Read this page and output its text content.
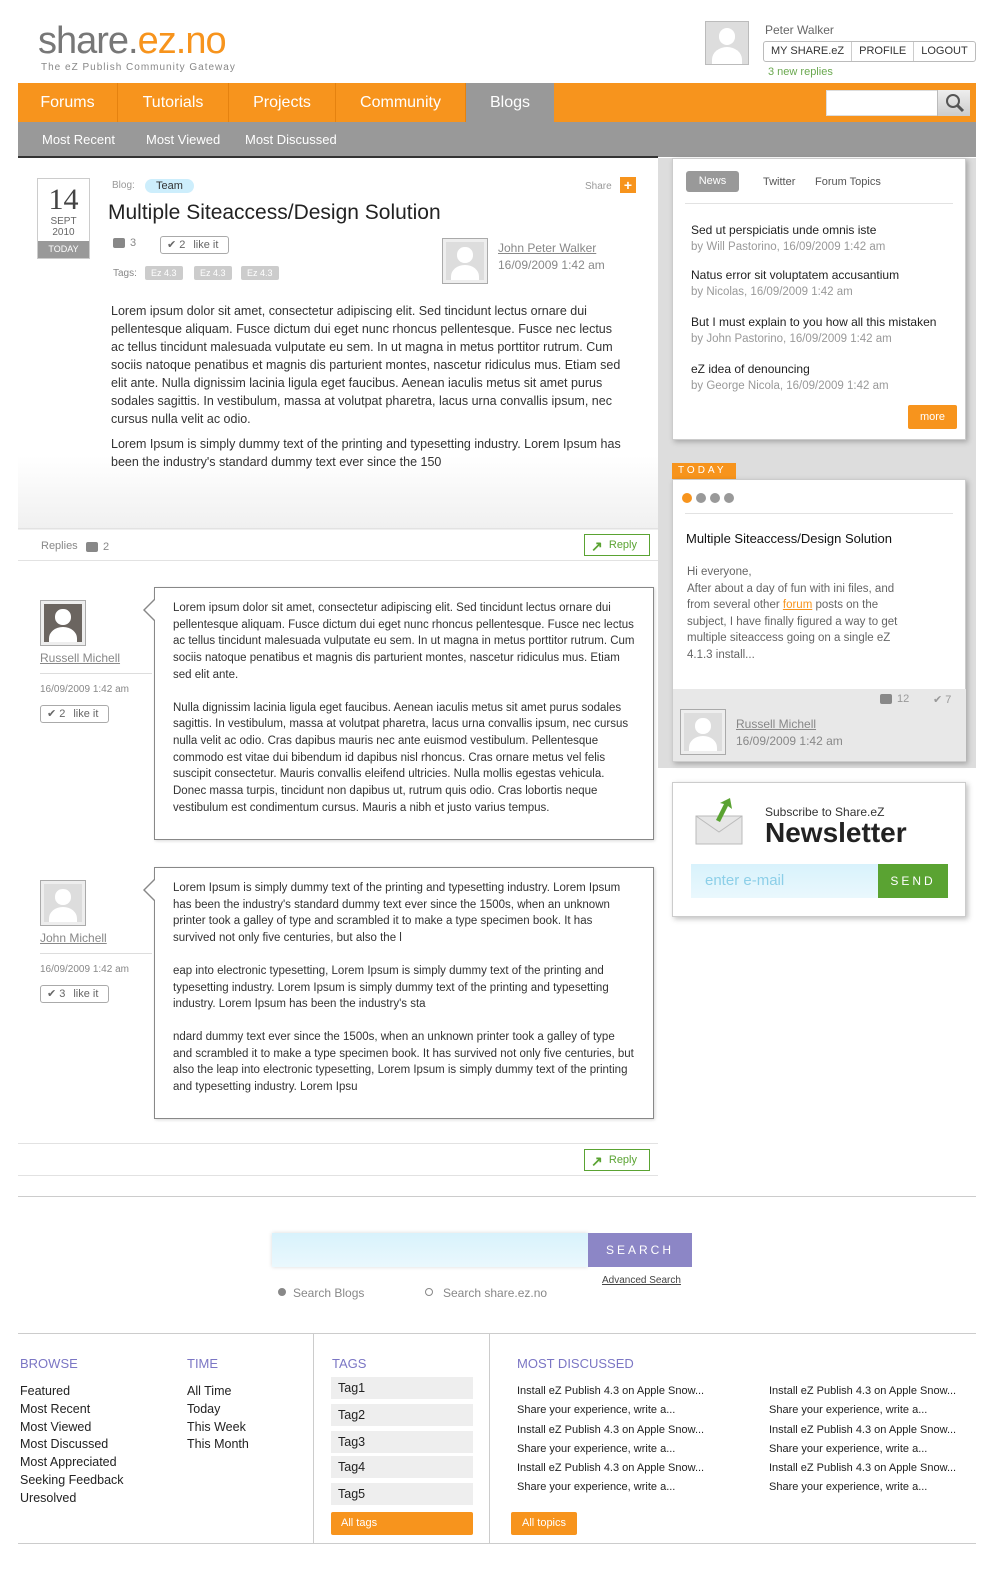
share.ez.no
The eZ Publish Community Gateway
Peter Walker
MY SHARE.eZ	PROFILE	LOGOUT
3 new replies
Forums	Tutorials	Projects	Community	Blogs
Most Recent Most Viewed Most Discussed
14
SEPT
2010
TODAY
Blog:	Team	Share +
Multiple Siteaccess/Design Solution
3	✔ 2 like it
Tags:	Ez 4.3	Ez 4.3	Ez 4.3
John Peter Walker
16/09/2009 1:42 am

Lorem ipsum dolor sit amet, consectetur adipiscing elit. Sed tincidunt lectus ornare dui pellentesque aliquam. Fusce dictum dui eget nunc rhoncus pellentesque. Fusce nec lectus ac tellus tincidunt malesuada vulputate eu sem. In ut magna in metus porttitor rutrum. Cum sociis natoque penatibus et magnis dis parturient montes, nascetur ridiculus mus. Etiam sed elit ante. Nulla dignissim lacinia ligula eget faucibus. Aenean iaculis metus sit amet purus sodales sagittis. In vestibulum, massa at volutpat pharetra, lacus urna convallis ipsum, nec cursus nulla velit ac odio.

Lorem Ipsum is simply dummy text of the printing and typesetting industry. Lorem Ipsum has been the industry's standard dummy text ever since the 150

Replies	2
↗	Reply
Russell Michell
16/09/2009 1:42 am
✔ 2 like it

Lorem ipsum dolor sit amet, consectetur adipiscing elit. Sed tincidunt lectus ornare dui pellentesque aliquam. Fusce dictum dui eget nunc rhoncus pellentesque. Fusce nec lectus ac tellus tincidunt malesuada vulputate eu sem. In ut magna in metus porttitor rutrum. Cum sociis natoque penatibus et magnis dis parturient montes, nascetur ridiculus mus. Etiam sed elit ante.

Nulla dignissim lacinia ligula eget faucibus. Aenean iaculis metus sit amet purus sodales sagittis. In vestibulum, massa at volutpat pharetra, lacus urna convallis ipsum, nec cursus nulla velit ac odio. Cras dapibus mauris nec ante euismod vestibulum. Pellentesque commodo est vitae dui bibendum id dapibus nisl rhoncus. Cras ornare metus vel felis suscipit consectetur. Mauris convallis eleifend ultricies. Nulla mollis egestas vehicula. Donec massa turpis, tincidunt non dapibus ut, rutrum quis odio. Cras lobortis neque vestibulum est condimentum cursus. Mauris a nibh et justo varius tempus.

John Michell
16/09/2009 1:42 am
✔ 3 like it

Lorem Ipsum is simply dummy text of the printing and typesetting industry. Lorem Ipsum has been the industry's standard dummy text ever since the 1500s, when an unknown printer took a galley of type and scrambled it to make a type specimen book. It has survived not only five centuries, but also the l

eap into electronic typesetting, Lorem Ipsum is simply dummy text of the printing and typesetting industry. Lorem Ipsum is simply dummy text of the printing and typesetting industry. Lorem Ipsum has been the industry's sta

ndard dummy text ever since the 1500s, when an unknown printer took a galley of type and scrambled it to make a type specimen book. It has survived not only five centuries, but also the leap into electronic typesetting, Lorem Ipsum is simply dummy text of the printing and typesetting industry. Lorem Ipsu

↗ Reply
News	Twitter Forum Topics
Sed ut perspiciatis unde omnis iste
by Will Pastorino, 16/09/2009 1:42 am
Natus error sit voluptatem accusantium
by Nicolas, 16/09/2009 1:42 am
But I must explain to you how all this mistaken
by John Pastorino, 16/09/2009 1:42 am
eZ idea of denouncing
by George Nicola, 16/09/2009 1:42 am
more
TODAY
Multiple Siteaccess/Design Solution
Hi everyone,
After about a day of fun with ini files, and from several other forum posts on the subject, I have finally figured a way to get multiple siteaccess going on a single eZ 4.1.3 install...
12 ✔ 7
Russell Michell
16/09/2009 1:42 am
Subscribe to Share.eZ
Newsletter
enter e-mail	SEND
SEARCH
Advanced Search
Search Blogs	Search share.ez.no
BROWSE
Featured
Most Recent
Most Viewed
Most Discussed
Most Appreciated
Seeking Feedback
Uresolved
TIME
All Time
Today
This Week
This Month
TAGS
Tag1
Tag2
Tag3
Tag4
Tag5
All tags
MOST DISCUSSED
Install eZ Publish 4.3 on Apple Snow...
Share your experience, write a...
Install eZ Publish 4.3 on Apple Snow...
Share your experience, write a...
Install eZ Publish 4.3 on Apple Snow...
Share your experience, write a...
Install eZ Publish 4.3 on Apple Snow...
Share your experience, write a...
Install eZ Publish 4.3 on Apple Snow...
Share your experience, write a...
Install eZ Publish 4.3 on Apple Snow...
Share your experience, write a...
All topics
